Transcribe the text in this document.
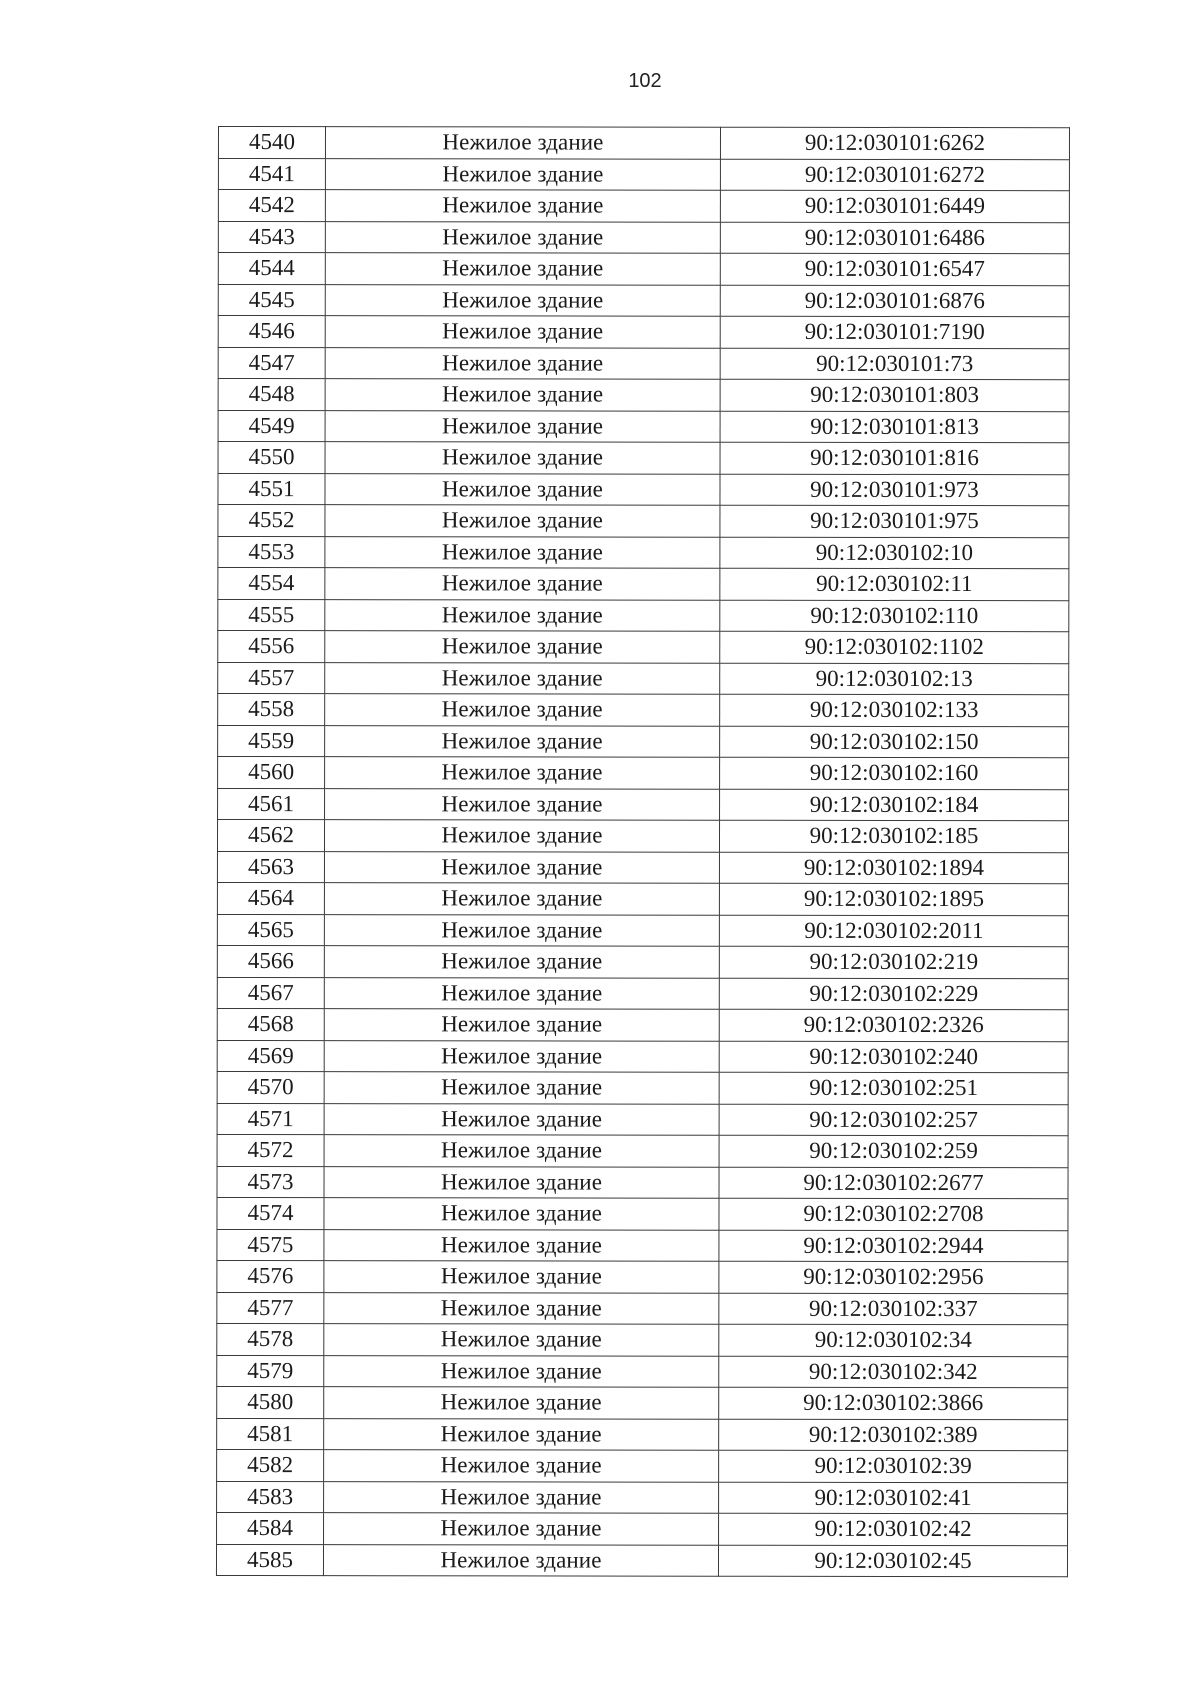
102
4540	Нежилое здание	90:12:030101:6262
4541	Нежилое здание	90:12:030101:6272
4542	Нежилое здание	90:12:030101:6449
4543	Нежилое здание	90:12:030101:6486
4544	Нежилое здание	90:12:030101:6547
4545	Нежилое здание	90:12:030101:6876
4546	Нежилое здание	90:12:030101:7190
4547	Нежилое здание	90:12:030101:73
4548	Нежилое здание	90:12:030101:803
4549	Нежилое здание	90:12:030101:813
4550	Нежилое здание	90:12:030101:816
4551	Нежилое здание	90:12:030101:973
4552	Нежилое здание	90:12:030101:975
4553	Нежилое здание	90:12:030102:10
4554	Нежилое здание	90:12:030102:11
4555	Нежилое здание	90:12:030102:110
4556	Нежилое здание	90:12:030102:1102
4557	Нежилое здание	90:12:030102:13
4558	Нежилое здание	90:12:030102:133
4559	Нежилое здание	90:12:030102:150
4560	Нежилое здание	90:12:030102:160
4561	Нежилое здание	90:12:030102:184
4562	Нежилое здание	90:12:030102:185
4563	Нежилое здание	90:12:030102:1894
4564	Нежилое здание	90:12:030102:1895
4565	Нежилое здание	90:12:030102:2011
4566	Нежилое здание	90:12:030102:219
4567	Нежилое здание	90:12:030102:229
4568	Нежилое здание	90:12:030102:2326
4569	Нежилое здание	90:12:030102:240
4570	Нежилое здание	90:12:030102:251
4571	Нежилое здание	90:12:030102:257
4572	Нежилое здание	90:12:030102:259
4573	Нежилое здание	90:12:030102:2677
4574	Нежилое здание	90:12:030102:2708
4575	Нежилое здание	90:12:030102:2944
4576	Нежилое здание	90:12:030102:2956
4577	Нежилое здание	90:12:030102:337
4578	Нежилое здание	90:12:030102:34
4579	Нежилое здание	90:12:030102:342
4580	Нежилое здание	90:12:030102:3866
4581	Нежилое здание	90:12:030102:389
4582	Нежилое здание	90:12:030102:39
4583	Нежилое здание	90:12:030102:41
4584	Нежилое здание	90:12:030102:42
4585	Нежилое здание	90:12:030102:45
